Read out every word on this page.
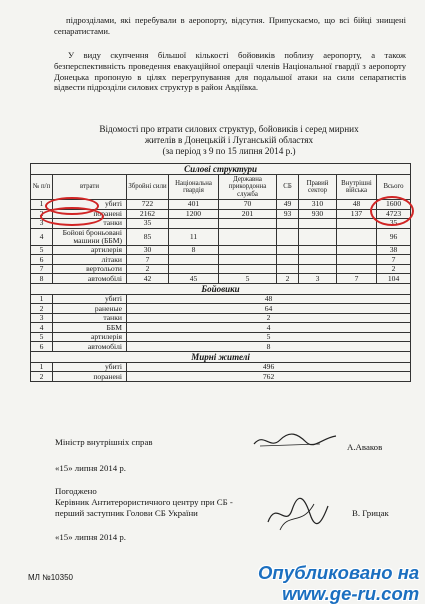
підрозділами, які перебували в аеропорту, відсутня. Припускаємо, що всі бійці знищені сепаратистами.

У виду скупчення більшої кількості бойовиків поблизу аеропорту, а також безперспективність проведення евакуаційної операції членів Національної гвардії з аеропорту Донецька пропоную в цілях перегрупування для подальшої атаки на сили сепаратистів відвести підрозділи силових структур в район Авдіївка.

Відомості про втрати силових структур, бойовиків і серед мирних

жителів в Донецькій і Луганській областях

(за період з 9 по 15 липня 2014 р.)

Силові структури								
№ п/п	втрати	Збройні сили	Національна гвардія	Державна прикордонна служба	СБ	Правий сектор	Внутрішні війська	Всього
1	убиті	722	401	70	49	310	48	1600
2	поранені	2162	1200	201	93	930	137	4723
3	танки	35						35
4	Бойові броньовані машини (ББМ)	85	11					96
5	артилерія	30	8					38
6	літаки	7						7
7	вертольоти	2						2
8	автомобілі	42	45	5	2	3	7	104
Бойовики								
1	убиті	48						
2	раненые	64						
3	танки	2						
4	ББМ	4						
5	артилерія	5						
6	автомобілі	8						
Мирні жителі								
1	убиті	496						
2	поранені	762						

Міністр внутрішніх справ	А.Аваков

«15» липня 2014 р.

Погоджено

Керівник Антитерористичного центру при СБ -

перший заступник Голови СБ України	В. Грицак

«15» липня 2014 р.

МЛ №10350	Опубликовано на
www.ge-ru.com
